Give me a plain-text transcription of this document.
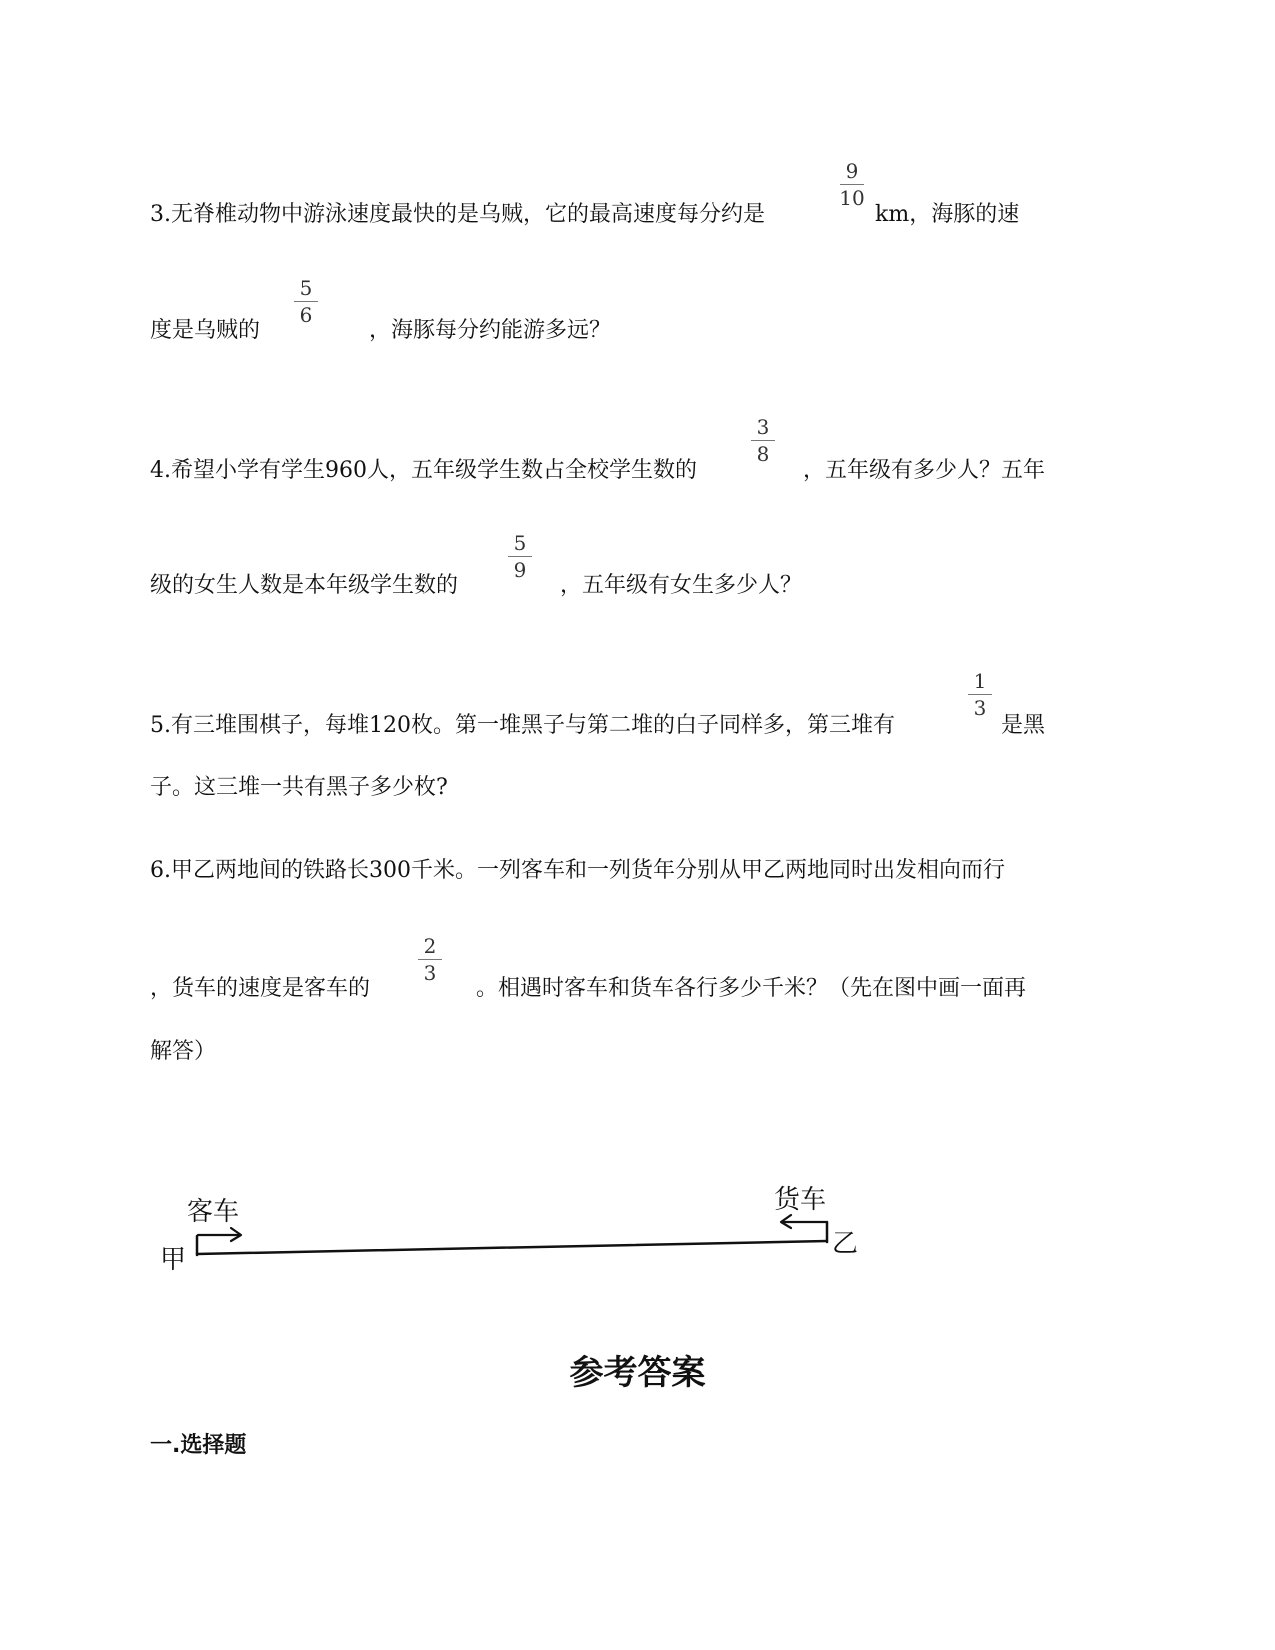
9
10
3.无脊椎动物中游泳速度最快的是乌贼，它的最高速度每分约是	km，海豚的速
5
6
度是乌贼的	，海豚每分约能游多远？
3
8
4.希望小学有学生960人，五年级学生数占全校学生数的	，五年级有多少人？五年
5
9
级的女生人数是本年级学生数的	，五年级有女生多少人？
1
3
5.有三堆围棋子，每堆120枚。第一堆黑子与第二堆的白子同样多，第三堆有	是黑
子。这三堆一共有黑子多少枚?
6.甲乙两地间的铁路长300千米。一列客车和一列货年分别从甲乙两地同时出发相向而行
2
3
，货车的速度是客车的	。相遇时客车和货车各行多少千米？（先在图中画一面再
解答）
甲
乙
客车	货车
参考答案
一.选择题
